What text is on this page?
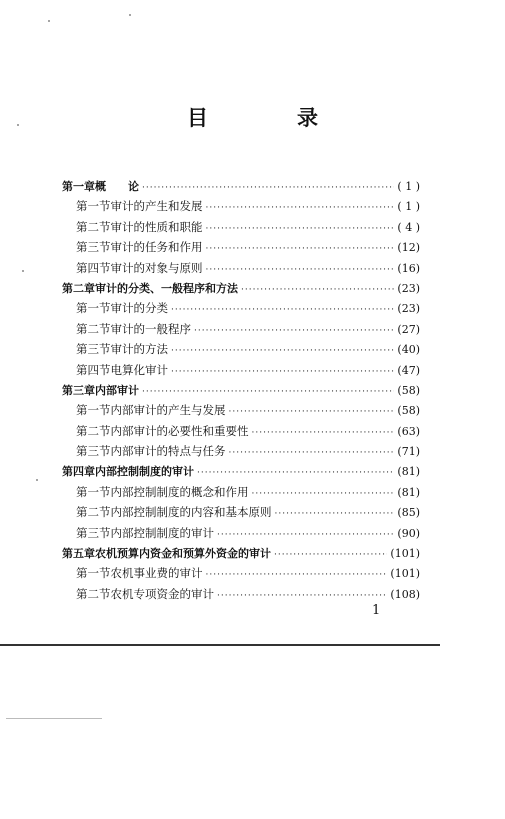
目　录
第一章 概　　论 ·····	( 1 )
第一节 审计的产生和发展 ·····	( 1 )
第二节 审计的性质和职能 ·····	( 4 )
第三节 审计的任务和作用 ·····	(12)
第四节 审计的对象与原则 ·····	(16)
第二章 审计的分类、一般程序和方法 ·····	(23)
第一节 审计的分类 ·····	(23)
第二节 审计的一般程序 ·····	(27)
第三节 审计的方法 ·····	(40)
第四节 电算化审计 ·····	(47)
第三章 内部审计 ·····	(58)
第一节 内部审计的产生与发展 ·····	(58)
第二节 内部审计的必要性和重要性 ·····	(63)
第三节 内部审计的特点与任务 ·····	(71)
第四章 内部控制制度的审计 ·····	(81)
第一节 内部控制制度的概念和作用 ·····	(81)
第二节 内部控制制度的内容和基本原则 ·····	(85)
第三节 内部控制制度的审计 ·····	(90)
第五章 农机预算内资金和预算外资金的审计 ·····	(101)
第一节 农机事业费的审计 ·····	(101)
第二节 农机专项资金的审计 ·····	(108)
1
